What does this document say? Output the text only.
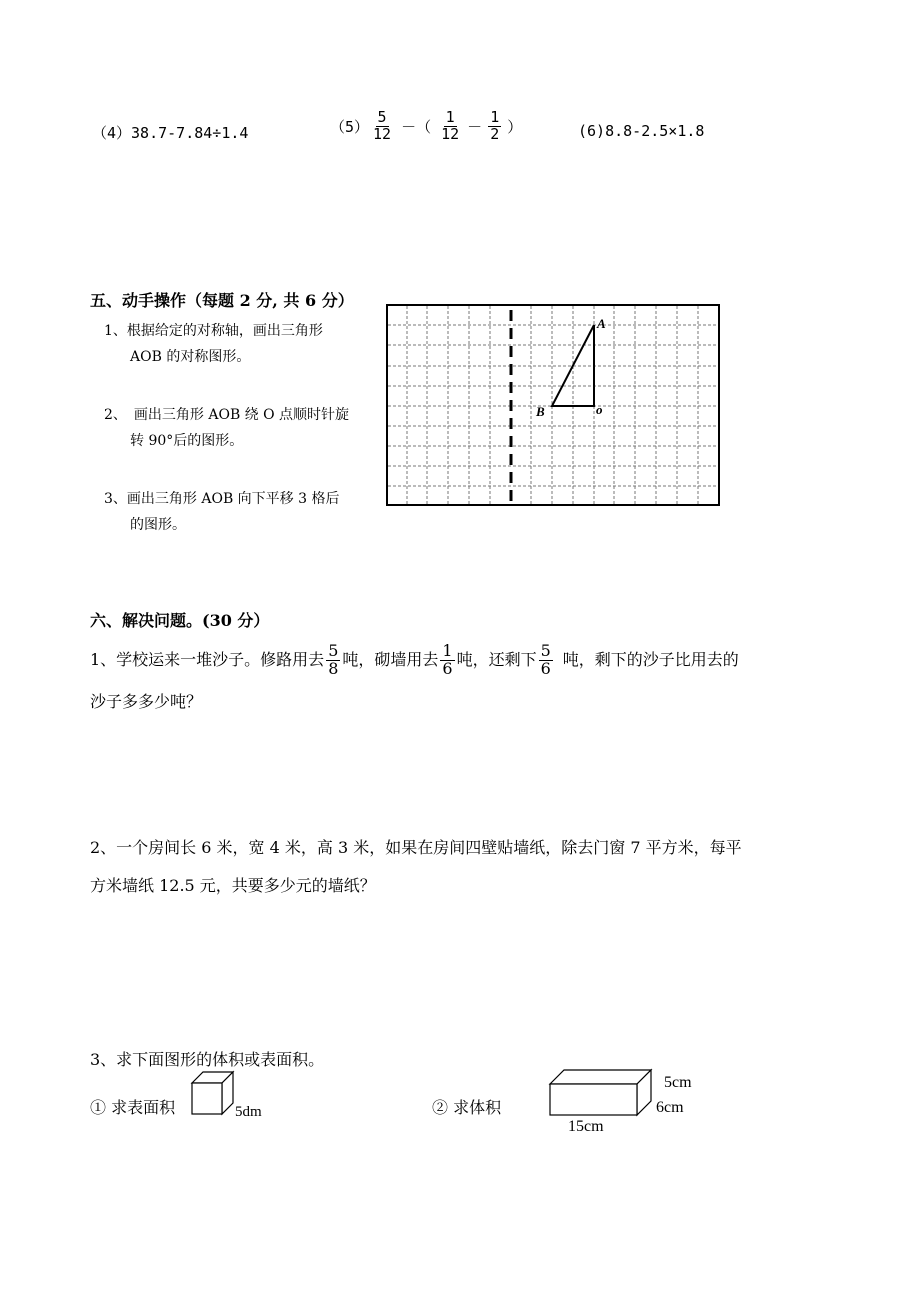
（4）38.7-7.84÷1.4	$(5) \frac{5}{12}$ －（ $\frac{1}{12} - \frac{1}{2}$ ）	(6)8.8-2.5×1.8
五、动手操作（每题 2 分, 共 6 分）
1、根据给定的对称轴，画出三角形
AOB 的对称图形。
2、　画出三角形 AOB 绕 O 点顺时针旋
转 90°后的图形。
3、画出三角形 AOB 向下平移 3 格后
的图形。
A
B	o
六、解决问题。(30 分）
1、学校运来一堆沙子。修路用去 $\frac{5}{8}$ 吨，砌墙用去 $\frac{1}{6}$ 吨，还剩下 $\frac{5}{6}$ 吨，剩下的沙子比用去的
沙子多多少吨？
2、一个房间长 6 米，宽 4 米，高 3 米，如果在房间四壁贴墙纸，除去门窗 7 平方米，每平
方米墙纸 12.5 元，共要多少元的墙纸？
3、求下面图形的体积或表面积。
① 求表面积	5dm	② 求体积
5cm
6cm
15cm
